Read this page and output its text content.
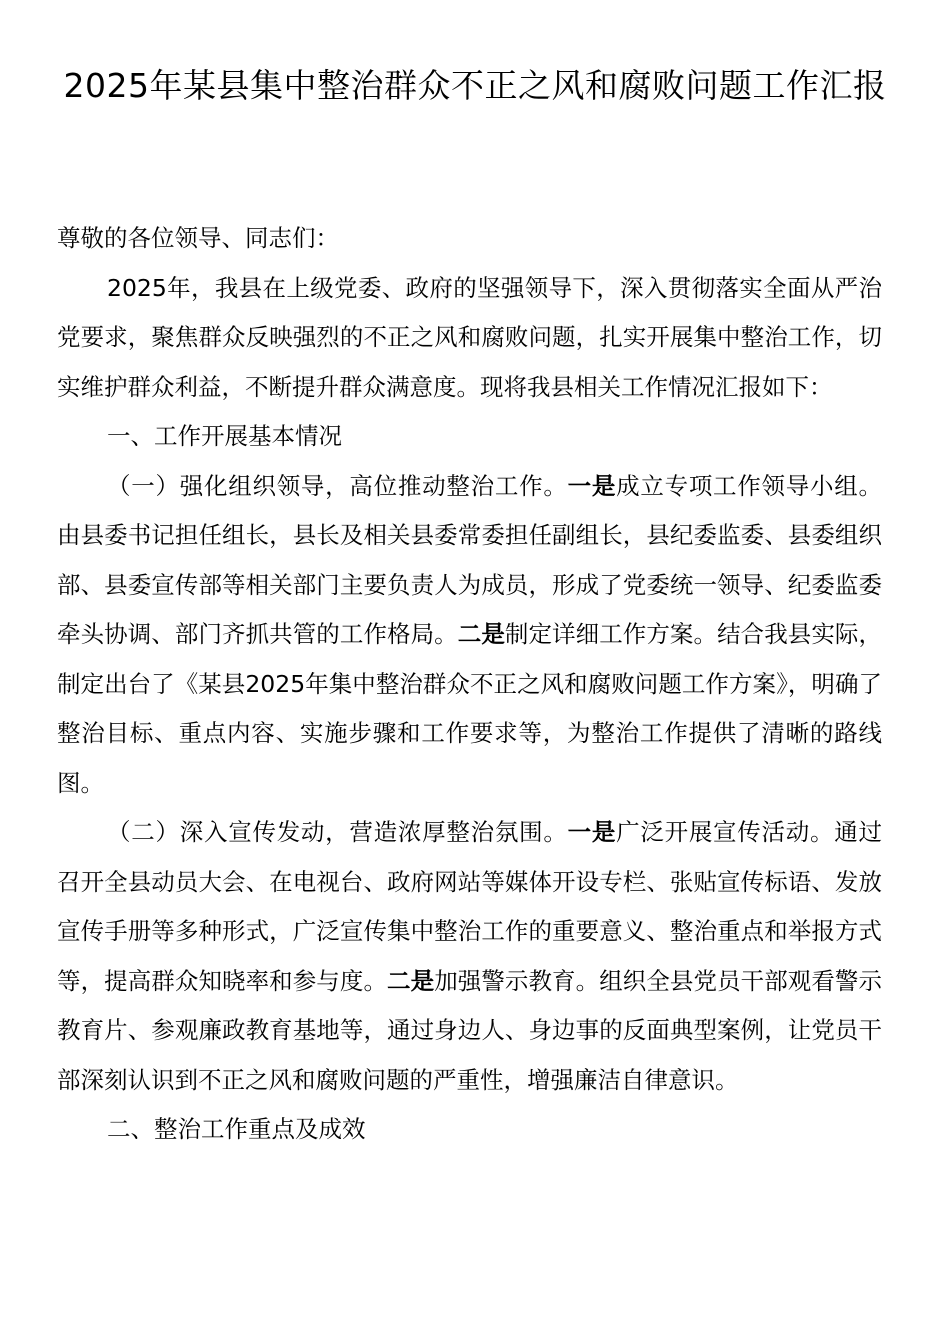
2025年某县集中整治群众不正之风和腐败问题工作汇报

尊敬的各位领导、同志们：

2025年，我县在上级党委、政府的坚强领导下，深入贯彻落实全面从严治党要求，聚焦群众反映强烈的不正之风和腐败问题，扎实开展集中整治工作，切实维护群众利益，不断提升群众满意度。现将我县相关工作情况汇报如下：

一、工作开展基本情况

（一）强化组织领导，高位推动整治工作。一是成立专项工作领导小组。由县委书记担任组长，县长及相关县委常委担任副组长，县纪委监委、县委组织部、县委宣传部等相关部门主要负责人为成员，形成了党委统一领导、纪委监委牵头协调、部门齐抓共管的工作格局。二是制定详细工作方案。结合我县实际，制定出台了《某县2025年集中整治群众不正之风和腐败问题工作方案》，明确了整治目标、重点内容、实施步骤和工作要求等，为整治工作提供了清晰的路线图。

（二）深入宣传发动，营造浓厚整治氛围。一是广泛开展宣传活动。通过召开全县动员大会、在电视台、政府网站等媒体开设专栏、张贴宣传标语、发放宣传手册等多种形式，广泛宣传集中整治工作的重要意义、整治重点和举报方式等，提高群众知晓率和参与度。二是加强警示教育。组织全县党员干部观看警示教育片、参观廉政教育基地等，通过身边人、身边事的反面典型案例，让党员干部深刻认识到不正之风和腐败问题的严重性，增强廉洁自律意识。

二、整治工作重点及成效
